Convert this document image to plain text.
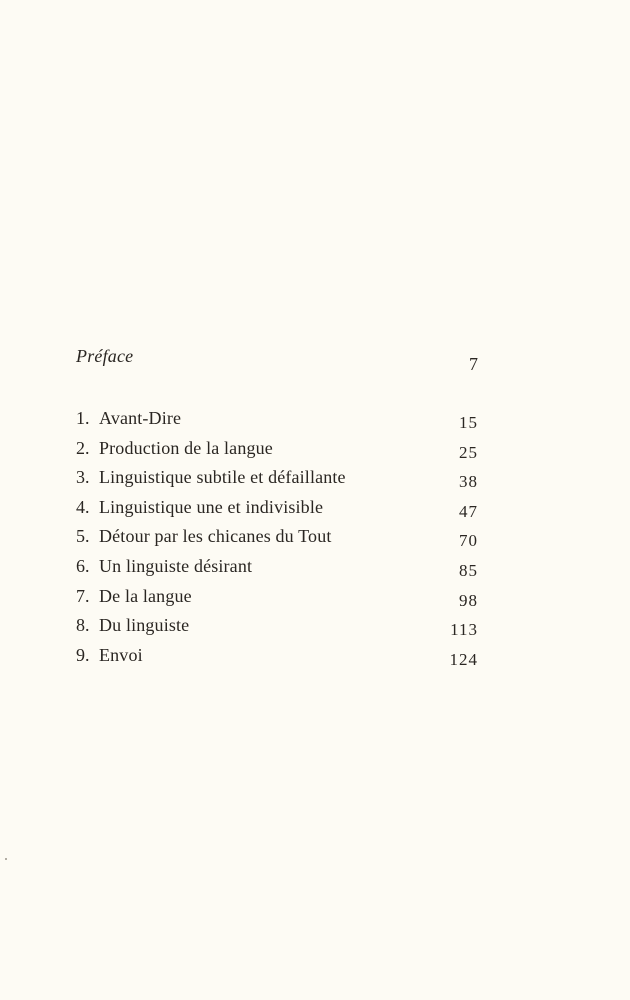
Préface	7
1. Avant-Dire	15
2. Production de la langue	25
3. Linguistique subtile et défaillante	38
4. Linguistique une et indivisible	47
5. Détour par les chicanes du Tout	70
6. Un linguiste désirant	85
7. De la langue	98
8. Du linguiste	113
9. Envoi	124
